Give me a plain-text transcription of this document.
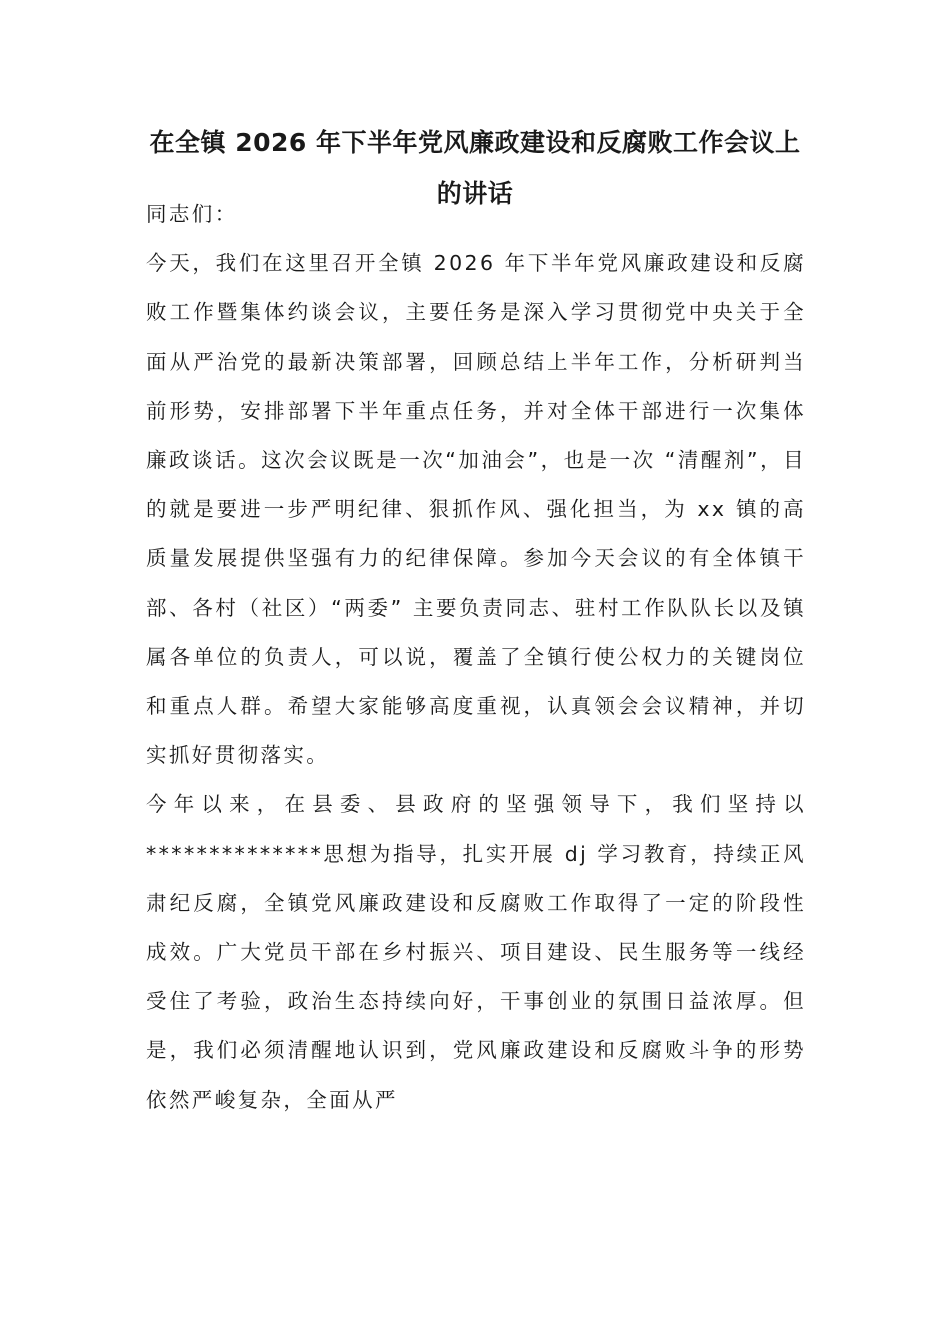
在全镇 2026 年下半年党风廉政建设和反腐败工作会议上的讲话

同志们：

今天，我们在这里召开全镇 2026 年下半年党风廉政建设和反腐败工作暨集体约谈会议，主要任务是深入学习贯彻党中央关于全面从严治党的最新决策部署，回顾总结上半年工作，分析研判当前形势，安排部署下半年重点任务，并对全体干部进行一次集体廉政谈话。这次会议既是一次“加油会”，也是一次 “清醒剂”，目的就是要进一步严明纪律、狠抓作风、强化担当，为 xx 镇的高质量发展提供坚强有力的纪律保障。参加今天会议的有全体镇干部、各村（社区）“两委” 主要负责同志、驻村工作队队长以及镇属各单位的负责人，可以说，覆盖了全镇行使公权力的关键岗位和重点人群。希望大家能够高度重视，认真领会会议精神，并切实抓好贯彻落实。

今年以来，在县委、县政府的坚强领导下，我们坚持以**************思想为指导，扎实开展 dj 学习教育，持续正风肃纪反腐，全镇党风廉政建设和反腐败工作取得了一定的阶段性成效。广大党员干部在乡村振兴、项目建设、民生服务等一线经受住了考验，政治生态持续向好，干事创业的氛围日益浓厚。但是，我们必须清醒地认识到，党风廉政建设和反腐败斗争的形势依然严峻复杂，全面从严
